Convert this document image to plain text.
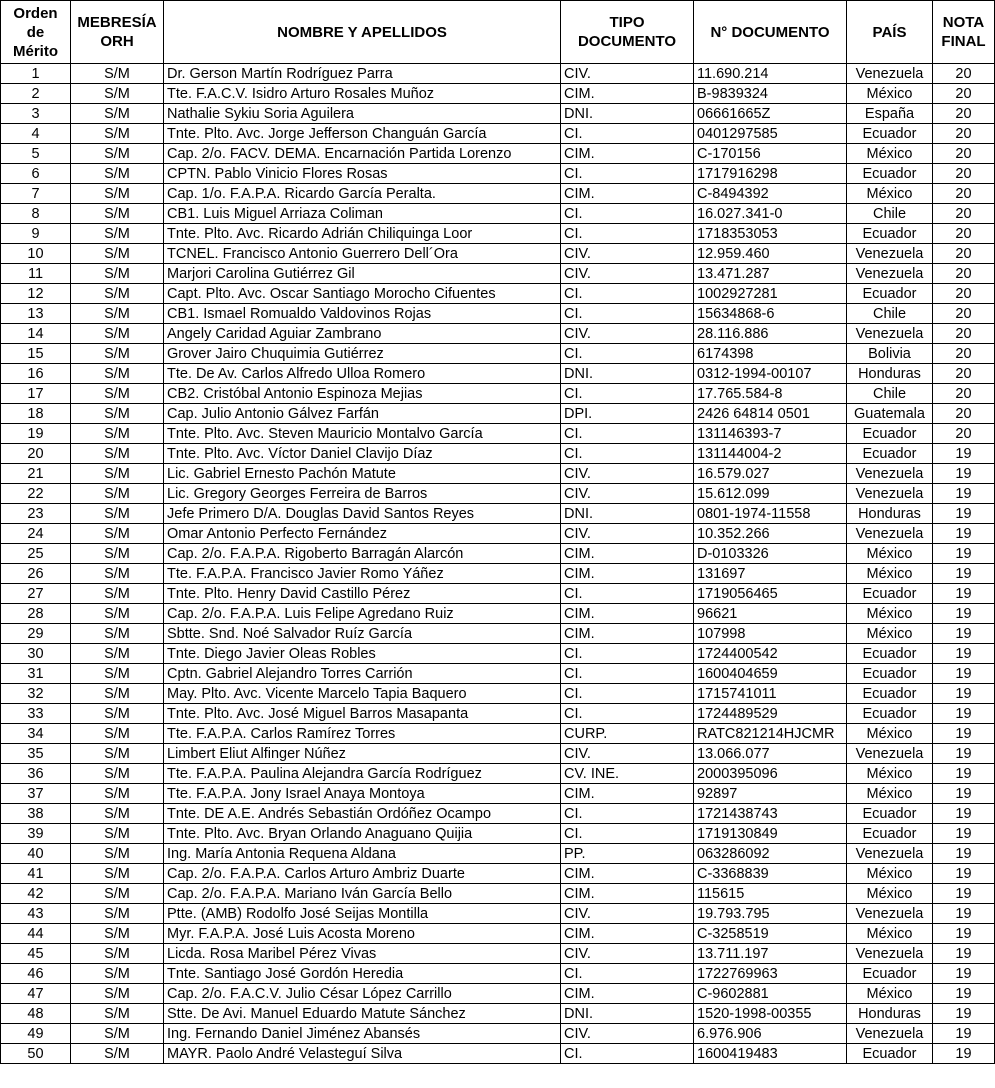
Orden de Mérito	MEBRESÍA ORH	NOMBRE Y APELLIDOS	TIPO DOCUMENTO	N° DOCUMENTO	PAÍS	NOTA FINAL
1	S/M	Dr. Gerson Martín Rodríguez Parra	CIV.	11.690.214	Venezuela	20
2	S/M	Tte. F.A.C.V. Isidro Arturo Rosales Muñoz	CIM.	B-9839324	México	20
3	S/M	Nathalie Sykiu Soria Aguilera	DNI.	06661665Z	España	20
4	S/M	Tnte. Plto. Avc. Jorge Jefferson Changuán García	CI.	0401297585	Ecuador	20
5	S/M	Cap. 2/o. FACV. DEMA. Encarnación Partida Lorenzo	CIM.	C-170156	México	20
6	S/M	CPTN. Pablo Vinicio Flores Rosas	CI.	1717916298	Ecuador	20
7	S/M	Cap. 1/o. F.A.P.A. Ricardo García Peralta.	CIM.	C-8494392	México	20
8	S/M	CB1. Luis Miguel Arriaza Coliman	CI.	16.027.341-0	Chile	20
9	S/M	Tnte. Plto. Avc. Ricardo Adrián Chiliquinga Loor	CI.	1718353053	Ecuador	20
10	S/M	TCNEL. Francisco Antonio Guerrero Dell´Ora	CIV.	12.959.460	Venezuela	20
11	S/M	Marjori Carolina Gutiérrez Gil	CIV.	13.471.287	Venezuela	20
12	S/M	Capt. Plto. Avc. Oscar Santiago Morocho Cifuentes	CI.	1002927281	Ecuador	20
13	S/M	CB1. Ismael Romualdo Valdovinos Rojas	CI.	15634868-6	Chile	20
14	S/M	Angely Caridad Aguiar Zambrano	CIV.	28.116.886	Venezuela	20
15	S/M	Grover Jairo Chuquimia Gutiérrez	CI.	6174398	Bolivia	20
16	S/M	Tte. De Av. Carlos Alfredo Ulloa Romero	DNI.	0312-1994-00107	Honduras	20
17	S/M	CB2. Cristóbal Antonio Espinoza Mejias	CI.	17.765.584-8	Chile	20
18	S/M	Cap. Julio Antonio Gálvez Farfán	DPI.	2426 64814 0501	Guatemala	20
19	S/M	Tnte. Plto. Avc. Steven Mauricio Montalvo García	CI.	131146393-7	Ecuador	20
20	S/M	Tnte. Plto. Avc. Víctor Daniel Clavijo Díaz	CI.	131144004-2	Ecuador	19
21	S/M	Lic. Gabriel Ernesto Pachón Matute	CIV.	16.579.027	Venezuela	19
22	S/M	Lic. Gregory Georges Ferreira de Barros	CIV.	15.612.099	Venezuela	19
23	S/M	Jefe Primero D/A. Douglas David Santos Reyes	DNI.	0801-1974-11558	Honduras	19
24	S/M	Omar Antonio Perfecto Fernández	CIV.	10.352.266	Venezuela	19
25	S/M	Cap. 2/o. F.A.P.A. Rigoberto Barragán Alarcón	CIM.	D-0103326	México	19
26	S/M	Tte. F.A.P.A. Francisco Javier Romo Yáñez	CIM.	131697	México	19
27	S/M	Tnte. Plto. Henry David Castillo Pérez	CI.	1719056465	Ecuador	19
28	S/M	Cap. 2/o. F.A.P.A. Luis Felipe Agredano Ruiz	CIM.	96621	México	19
29	S/M	Sbtte. Snd. Noé Salvador Ruíz García	CIM.	107998	México	19
30	S/M	Tnte. Diego Javier Oleas Robles	CI.	1724400542	Ecuador	19
31	S/M	Cptn. Gabriel Alejandro Torres Carrión	CI.	1600404659	Ecuador	19
32	S/M	May. Plto. Avc. Vicente Marcelo Tapia Baquero	CI.	1715741011	Ecuador	19
33	S/M	Tnte. Plto. Avc. José Miguel Barros Masapanta	CI.	1724489529	Ecuador	19
34	S/M	Tte. F.A.P.A. Carlos Ramírez Torres	CURP.	RATC821214HJCMR	México	19
35	S/M	Limbert Eliut Alfinger Núñez	CIV.	13.066.077	Venezuela	19
36	S/M	Tte. F.A.P.A. Paulina Alejandra García Rodríguez	CV. INE.	2000395096	México	19
37	S/M	Tte. F.A.P.A. Jony Israel Anaya Montoya	CIM.	92897	México	19
38	S/M	Tnte. DE A.E. Andrés Sebastián Ordóñez Ocampo	CI.	1721438743	Ecuador	19
39	S/M	Tnte. Plto. Avc. Bryan Orlando Anaguano Quijia	CI.	1719130849	Ecuador	19
40	S/M	Ing. María Antonia Requena Aldana	PP.	063286092	Venezuela	19
41	S/M	Cap. 2/o. F.A.P.A. Carlos Arturo Ambriz Duarte	CIM.	C-3368839	México	19
42	S/M	Cap. 2/o. F.A.P.A. Mariano Iván García Bello	CIM.	115615	México	19
43	S/M	Ptte. (AMB) Rodolfo José Seijas Montilla	CIV.	19.793.795	Venezuela	19
44	S/M	Myr. F.A.P.A. José Luis Acosta Moreno	CIM.	C-3258519	México	19
45	S/M	Licda. Rosa Maribel Pérez Vivas	CIV.	13.711.197	Venezuela	19
46	S/M	Tnte. Santiago José Gordón Heredia	CI.	1722769963	Ecuador	19
47	S/M	Cap. 2/o. F.A.C.V. Julio César López Carrillo	CIM.	C-9602881	México	19
48	S/M	Stte. De Avi. Manuel Eduardo Matute Sánchez	DNI.	1520-1998-00355	Honduras	19
49	S/M	Ing. Fernando Daniel Jiménez Abansés	CIV.	6.976.906	Venezuela	19
50	S/M	MAYR. Paolo André Velasteguí Silva	CI.	1600419483	Ecuador	19
